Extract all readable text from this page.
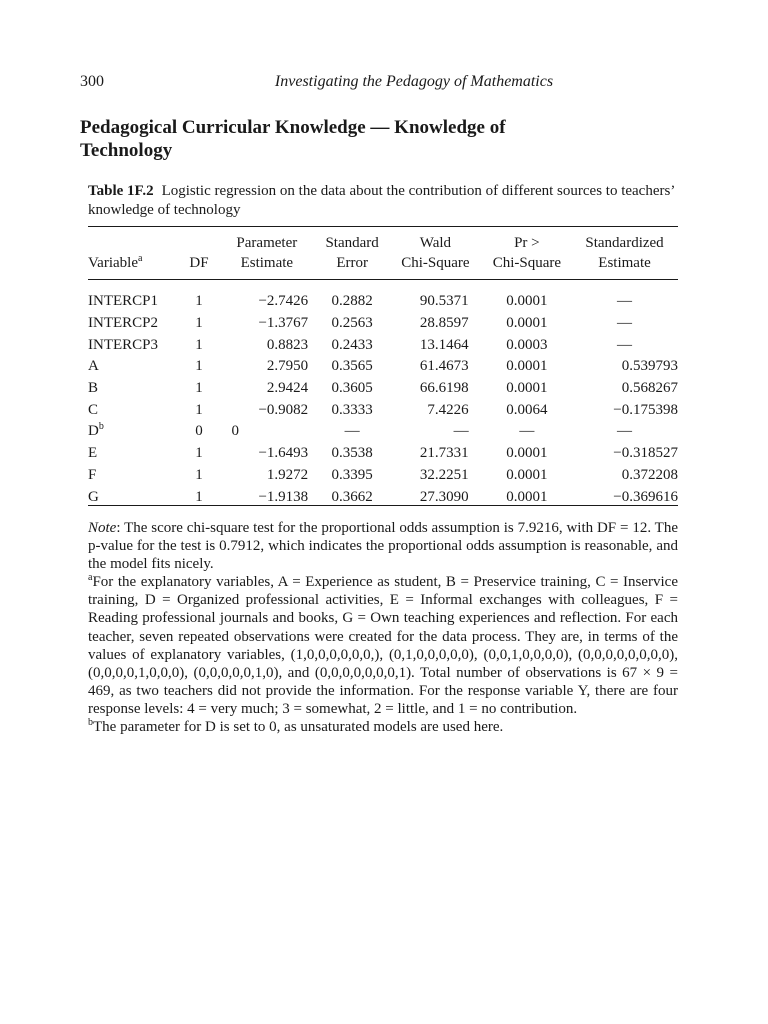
300	Investigating the Pedagogy of Mathematics
Pedagogical Curricular Knowledge — Knowledge of Technology
Table 1F.2 Logistic regression on the data about the contribution of different sources to teachers’ knowledge of technology
		Parameter	Standard	Wald	Pr >	Standardized
Variable$^a$	DF	Estimate	Error	Chi-Square	Chi-Square	Estimate

INTERCP1	1	−2.7426	0.2882	90.5371	0.0001	—
INTERCP2	1	−1.3767	0.2563	28.8597	0.0001	—
INTERCP3	1	0.8823	0.2433	13.1464	0.0003	—
A	1	2.7950	0.3565	61.4673	0.0001	0.539793
B	1	2.9424	0.3605	66.6198	0.0001	0.568267
C	1	−0.9082	0.3333	7.4226	0.0064	−0.175398
$D^b$	0	0	—	—	—	—
E	1	−1.6493	0.3538	21.7331	0.0001	−0.318527
F	1	1.9272	0.3395	32.2251	0.0001	0.372208
G	1	−1.9138	0.3662	27.3090	0.0001	−0.369616

Note: The score chi-square test for the proportional odds assumption is 7.9216, with DF = 12. The p-value for the test is 0.7912, which indicates the proportional odds assumption is reasonable, and the model fits nicely.

$^a$For the explanatory variables, A = Experience as student, B = Preservice training, C = Inservice training, D = Organized professional activities, E = Informal exchanges with colleagues, F = Reading professional journals and books, G = Own teaching experiences and reflection. For each teacher, seven repeated observations were created for the data process. They are, in terms of the values of explanatory variables, (1,0,0,0,0,0,0,), (0,1,0,0,0,0,0), (0,0,1,0,0,0,0), (0,0,0,0,0,0,0,0), (0,0,0,0,1,0,0,0), (0,0,0,0,0,1,0), and (0,0,0,0,0,0,0,1). Total number of observations is 67 × 9 = 469, as two teachers did not provide the information. For the response variable Y, there are four response levels: 4 = very much; 3 = somewhat, 2 = little, and 1 = no contribution.

$^b$The parameter for D is set to 0, as unsaturated models are used here.
